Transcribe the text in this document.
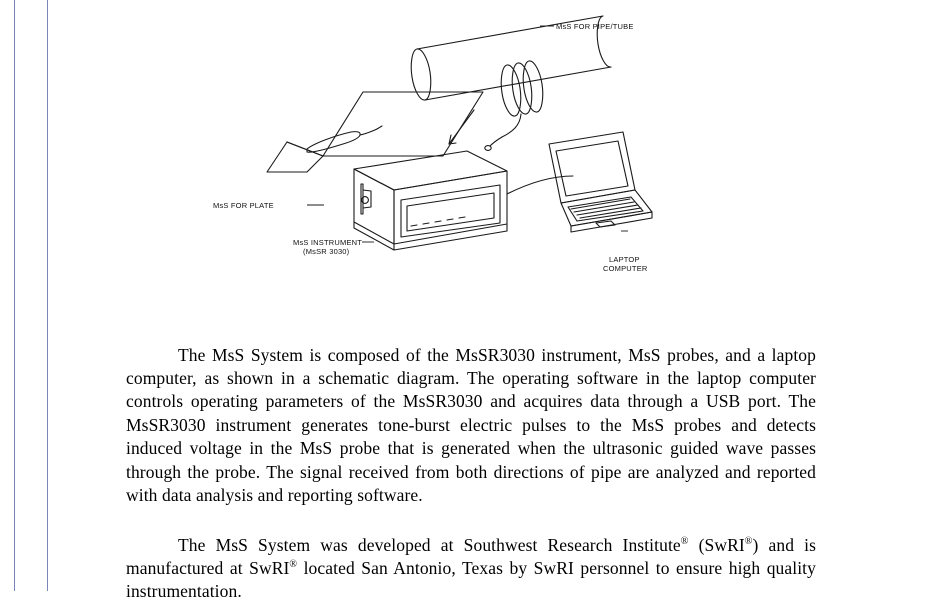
MsS FOR PIPE/TUBE
MsS FOR PLATE
MsS INSTRUMENT
(MsSR 3030)
LAPTOP
COMPUTER

The MsS System is composed of the MsSR3030 instrument, MsS probes, and a laptop computer, as shown in a schematic diagram. The operating software in the laptop computer controls operating parameters of the MsSR3030 and acquires data through a USB port. The MsSR3030 instrument generates tone-burst electric pulses to the MsS probes and detects induced voltage in the MsS probe that is generated when the ultrasonic guided wave passes through the probe. The signal received from both directions of pipe are analyzed and reported with data analysis and reporting software.

The MsS System was developed at Southwest Research Institute® (SwRI®) and is manufactured at SwRI® located San Antonio, Texas by SwRI personnel to ensure high quality instrumentation.
